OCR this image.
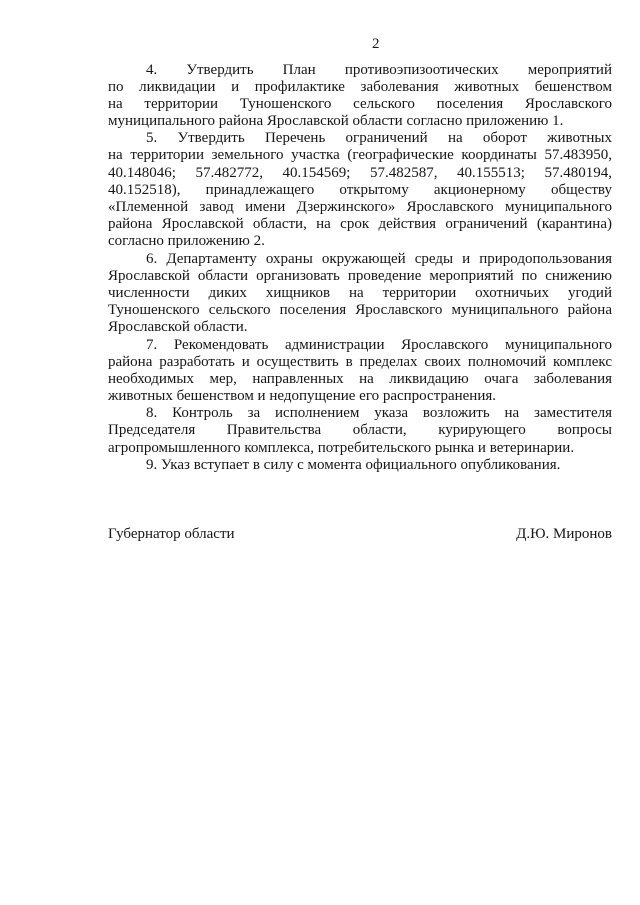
2
4. Утвердить План противоэпизоотических мероприятий
по ликвидации и профилактике заболевания животных бешенством
на территории Туношенского сельского поселения Ярославского
муниципального района Ярославской области согласно приложению 1.
5. Утвердить Перечень ограничений на оборот животных
на территории земельного участка (географические координаты 57.483950,
40.148046; 57.482772, 40.154569; 57.482587, 40.155513; 57.480194,
40.152518), принадлежащего открытому акционерному обществу
«Племенной завод имени Дзержинского» Ярославского муниципального
района Ярославской области, на срок действия ограничений (карантина)
согласно приложению 2.
6. Департаменту охраны окружающей среды и природопользования
Ярославской области организовать проведение мероприятий по снижению
численности диких хищников на территории охотничьих угодий
Туношенского сельского поселения Ярославского муниципального района
Ярославской области.
7. Рекомендовать администрации Ярославского муниципального
района разработать и осуществить в пределах своих полномочий комплекс
необходимых мер, направленных на ликвидацию очага заболевания
животных бешенством и недопущение его распространения.
8. Контроль за исполнением указа возложить на заместителя
Председателя Правительства области, курирующего вопросы
агропромышленного комплекса, потребительского рынка и ветеринарии.
9. Указ вступает в силу с момента официального опубликования.
Губернатор области	Д.Ю. Миронов
